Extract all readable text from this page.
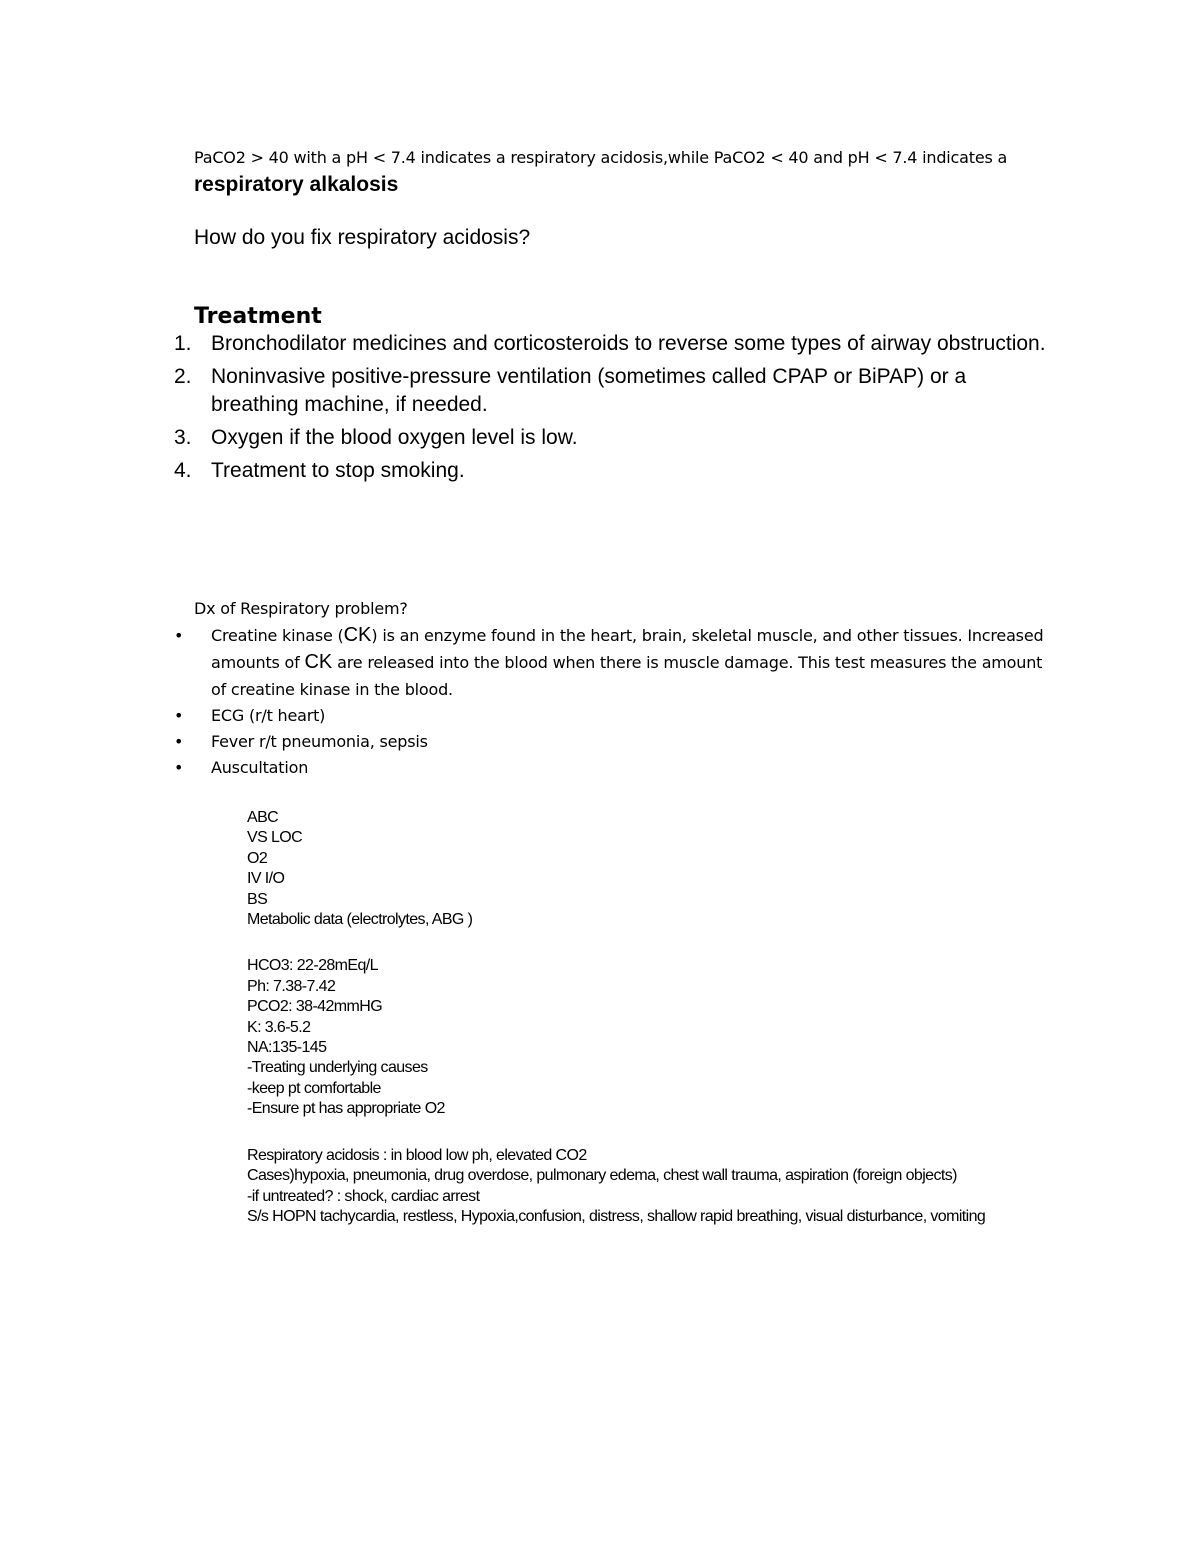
PaCO2 > 40 with a pH < 7.4 indicates a respiratory acidosis,while PaCO2 < 40 and pH < 7.4 indicates a respiratory alkalosis
How do you fix respiratory acidosis?
Treatment
1. Bronchodilator medicines and corticosteroids to reverse some types of airway obstruction.
2. Noninvasive positive-pressure ventilation (sometimes called CPAP or BiPAP) or a breathing machine, if needed.
3. Oxygen if the blood oxygen level is low.
4. Treatment to stop smoking.
Dx of Respiratory problem?
• Creatine kinase (CK) is an enzyme found in the heart, brain, skeletal muscle, and other tissues. Increased amounts of CK are released into the blood when there is muscle damage. This test measures the amount of creatine kinase in the blood.
• ECG (r/t heart)
• Fever r/t pneumonia, sepsis
• Auscultation
ABC
VS LOC
O2
IV I/O
BS
Metabolic data (electrolytes, ABG )
HCO3: 22-28mEq/L
Ph: 7.38-7.42
PCO2: 38-42mmHG
K: 3.6-5.2
NA:135-145
-Treating underlying causes
-keep pt comfortable
-Ensure pt has appropriate O2
Respiratory acidosis : in blood low ph, elevated CO2
Cases)hypoxia, pneumonia, drug overdose, pulmonary edema, chest wall trauma, aspiration (foreign objects)
-if untreated? : shock, cardiac arrest
S/s HOPN tachycardia, restless, Hypoxia,confusion, distress, shallow rapid breathing, visual disturbance, vomiting
